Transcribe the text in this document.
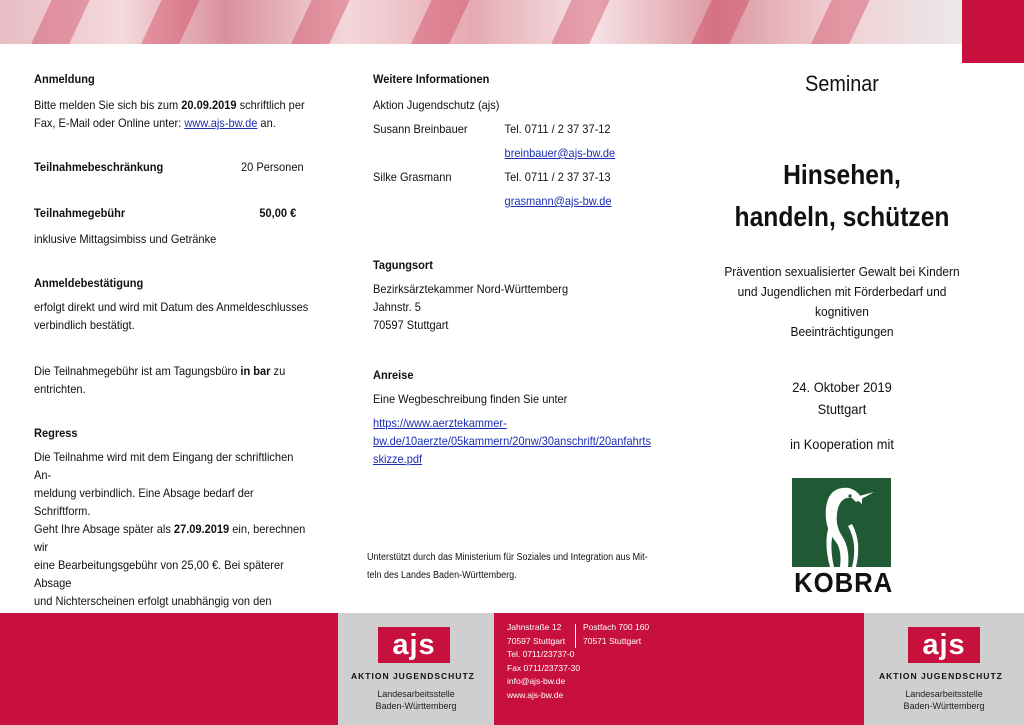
Anmeldung

Bitte melden Sie sich bis zum 20.09.2019 schriftlich per

Fax, E-Mail oder Online unter: www.ajs-bw.de an.

Teilnahmebeschränkung	20 Personen
Teilnahmegebühr	50,00 €

inklusive Mittagsimbiss und Getränke

Anmeldebestätigung

erfolgt direkt und wird mit Datum des Anmeldeschlusses

verbindlich bestätigt.

Die Teilnahmegebühr ist am Tagungsbüro in bar zu

entrichten.

Regress

Die Teilnahme wird mit dem Eingang der schriftlichen An-

meldung verbindlich. Eine Absage bedarf der Schriftform.

Geht Ihre Absage später als 27.09.2019 ein, berechnen wir

eine Bearbeitungsgebühr von 25,00 €. Bei späterer Absage

und Nichterscheinen erfolgt unabhängig von den

Weitere Informationen

Aktion Jugendschutz (ajs)

Susann Breinbauer	Tel. 0711 / 2 37 37-12
breinbauer@ajs-bw.de
Silke Grasmann	Tel. 0711 / 2 37 37-13
grasmann@ajs-bw.de

Tagungsort

Bezirksärztekammer Nord-Württemberg

Jahnstr. 5

70597 Stuttgart

Anreise

Eine Wegbeschreibung finden Sie unter

https://www.aerztekammer-

bw.de/10aerzte/05kammern/20nw/30anschrift/20anfahrts

skizze.pdf

Unterstützt durch das Ministerium für Soziales und Integration aus Mit-

teln des Landes Baden-Württemberg.

Seminar
Hinsehen,
handeln, schützen
Prävention sexualisierter Gewalt bei Kindern
und Jugendlichen mit Förderbedarf und kognitiven
Beeinträchtigungen
24. Oktober 2019
Stuttgart
in Kooperation mit
KOBRA
ajs
AKTION JUGENDSCHUTZ
Landesarbeitsstelle
Baden-Württemberg
Jahnstraße 12
70597 Stuttgart
Tel. 0711/23737-0
Fax 0711/23737-30
info@ajs-bw.de
www.ajs-bw.de
Postfach 700 160
70571 Stuttgart	ajs
AKTION JUGENDSCHUTZ
Landesarbeitsstelle
Baden-Württemberg
